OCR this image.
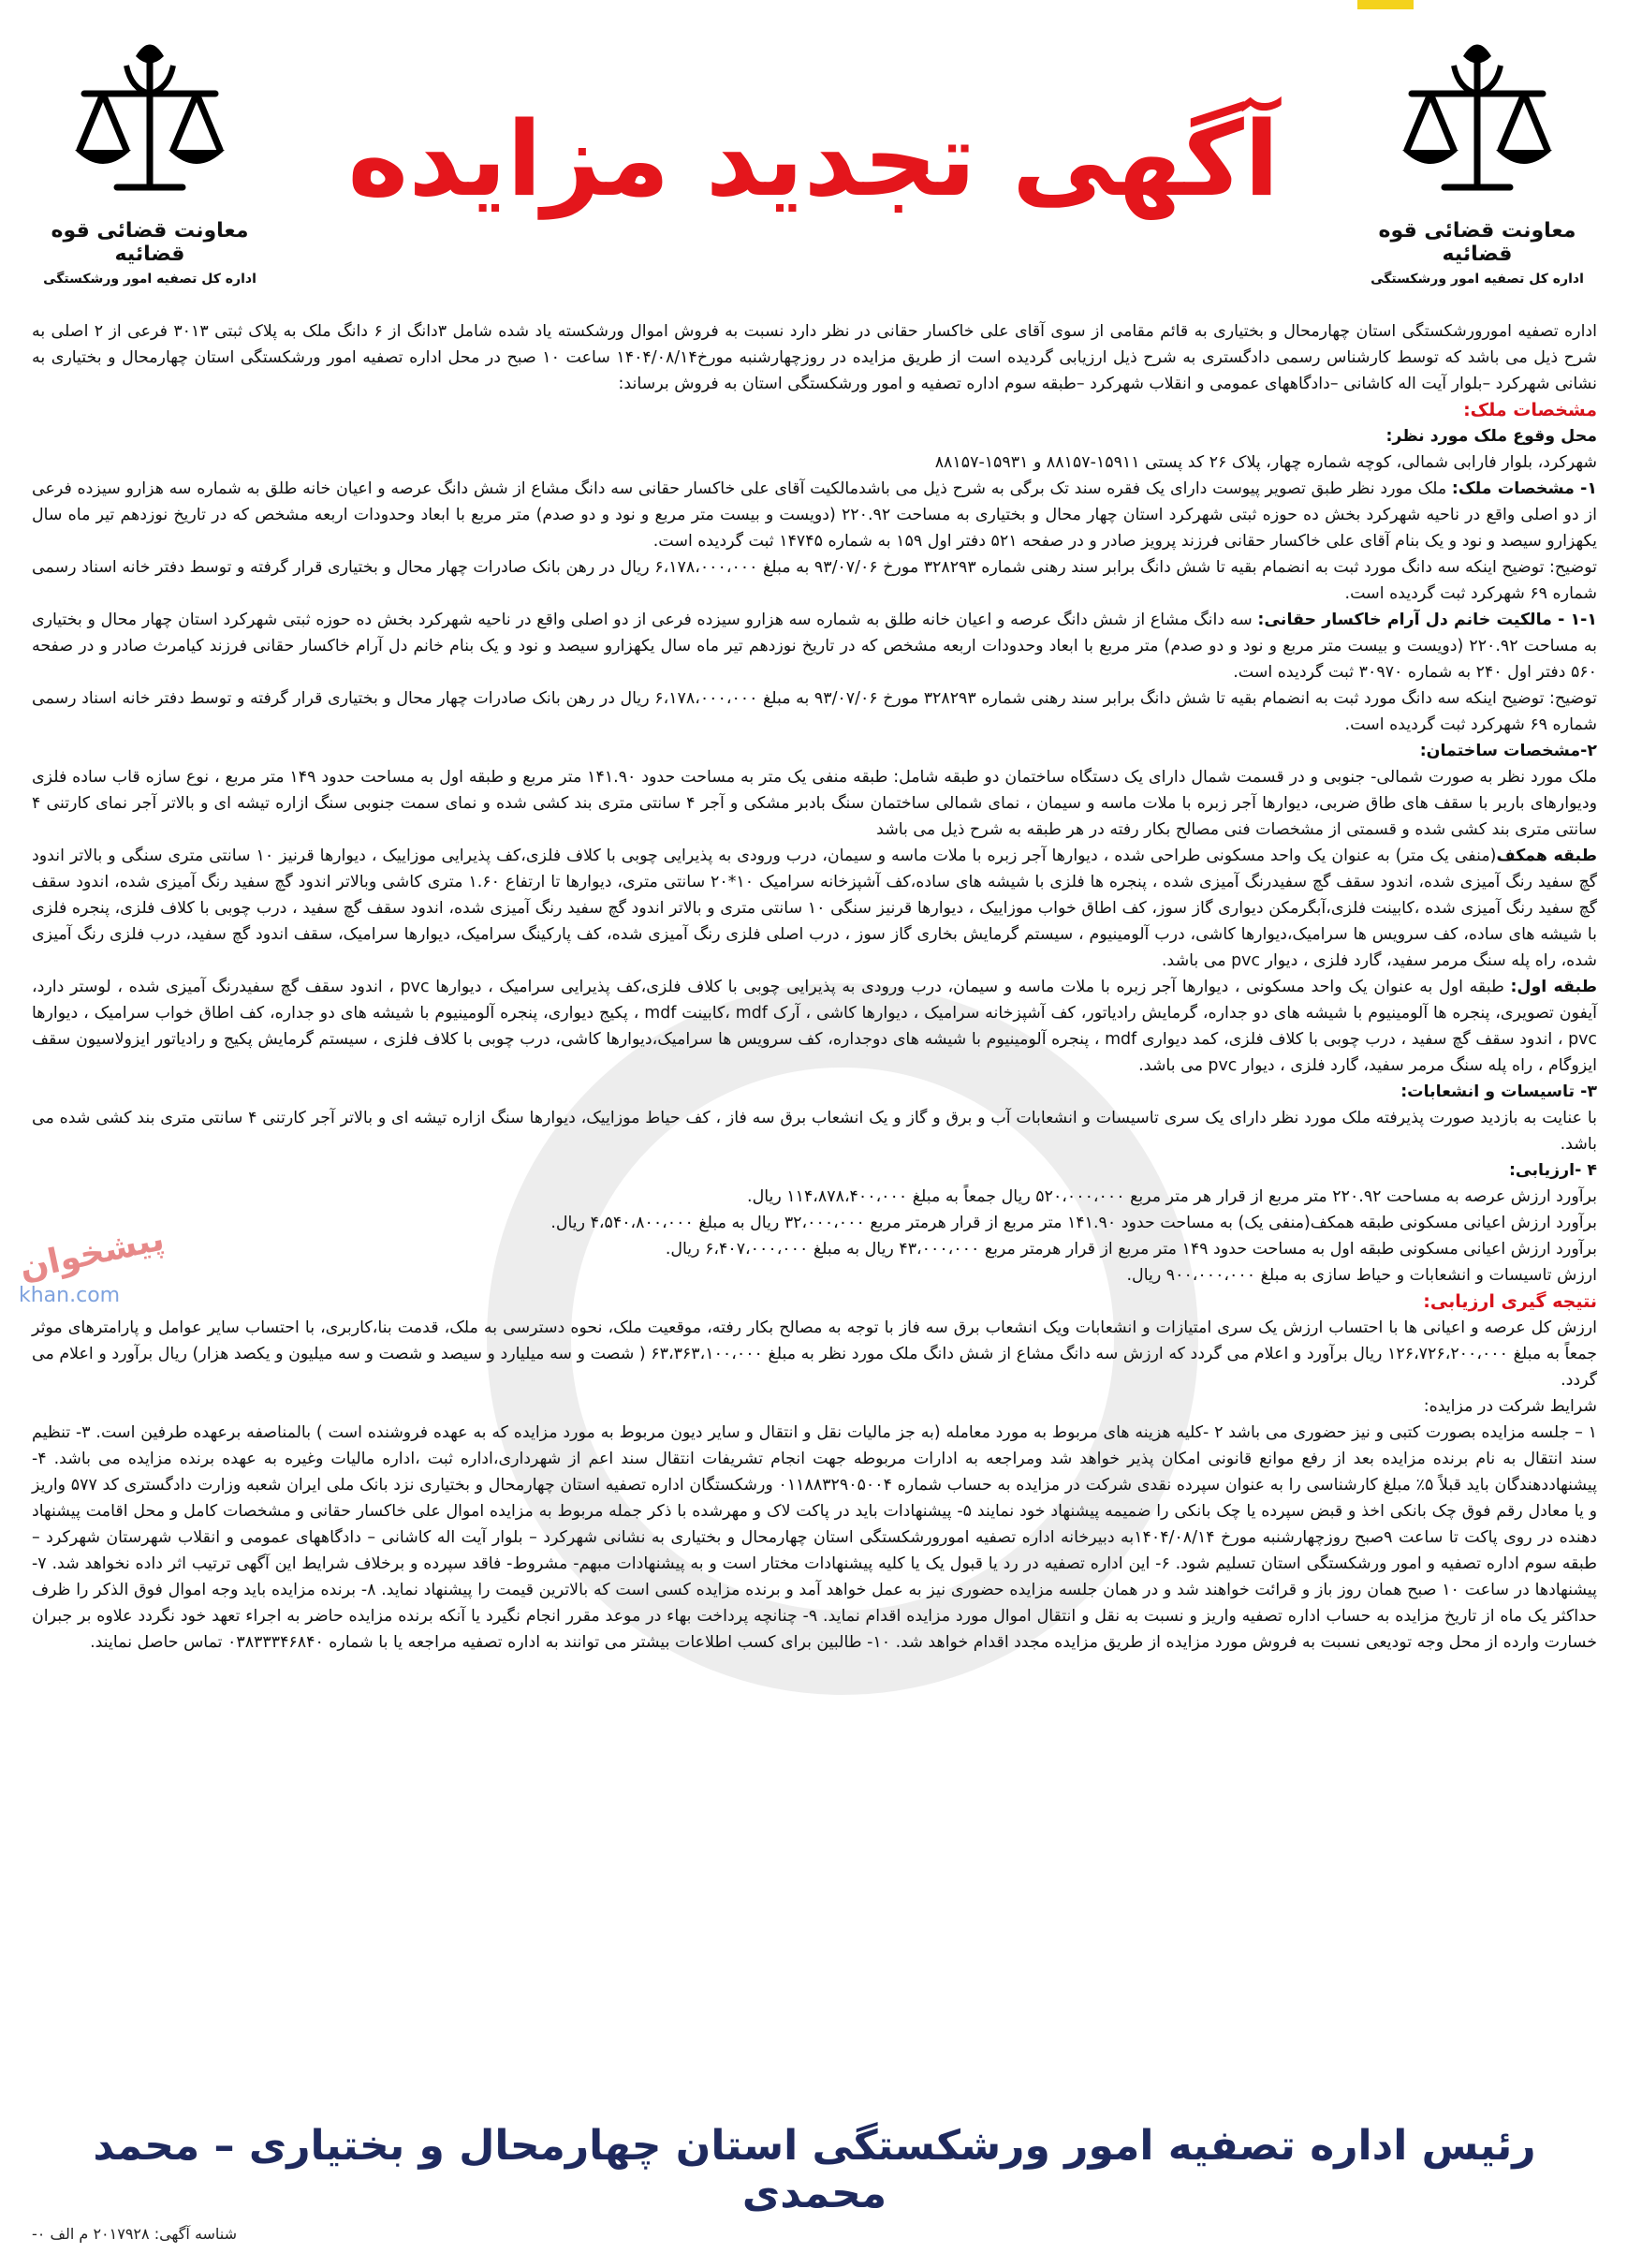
معاونت قضائی قوه قضائیه
اداره کل تصفیه امور ورشکستگی
آگهی تجدید مزایده
معاونت قضائی قوه قضائیه
اداره کل تصفیه امور ورشکستگی
پیشخوان
khan.com

اداره تصفیه امورورشکستگی استان چهارمحال و بختیاری به قائم مقامی از سوی آقای علی خاکسار حقانی در نظر دارد نسبت به فروش اموال ورشکسته یاد شده شامل ۳دانگ از ۶ دانگ ملک به پلاک ثبتی ۳۰۱۳ فرعی از ۲ اصلی به شرح ذیل می باشد که توسط کارشناس رسمی دادگستری به شرح ذیل ارزیابی گردیده است از طریق مزایده در روزچهارشنبه مورخ۱۴۰۴/۰۸/۱۴ ساعت ۱۰ صبح در محل اداره تصفیه امور ورشکستگی استان چهارمحال و بختیاری به نشانی شهرکرد –بلوار آیت اله کاشانی –دادگاههای عمومی و انقلاب شهرکرد –طبقه سوم اداره تصفیه و امور ورشکستگی استان به فروش برساند:

مشخصات ملک:

محل وقوع ملک مورد نظر:

شهرکرد، بلوار فارابی شمالی، کوچه شماره چهار، پلاک ۲۶ کد پستی ۱۵۹۱۱-۸۸۱۵۷ و ۱۵۹۳۱-۸۸۱۵۷

۱- مشخصات ملک: ملک مورد نظر طبق تصویر پیوست دارای یک فقره سند تک برگی به شرح ذیل می باشدمالکیت آقای علی خاکسار حقانی سه دانگ مشاع از شش دانگ عرصه و اعیان خانه طلق به شماره سه هزارو سیزده فرعی از دو اصلی واقع در ناحیه شهرکرد بخش ده حوزه ثبتی شهرکرد استان چهار محال و بختیاری به مساحت ۲۲۰.۹۲ (دویست و بیست متر مربع و نود و دو صدم) متر مربع با ابعاد وحدودات اربعه مشخص که در تاریخ نوزدهم تیر ماه سال یکهزارو سیصد و نود و یک بنام آقای علی خاکسار حقانی فرزند پرویز صادر و در صفحه ۵۲۱ دفتر اول ۱۵۹ به شماره ۱۴۷۴۵ ثبت گردیده است.

توضیح: توضیح اینکه سه دانگ مورد ثبت به انضمام بقیه تا شش دانگ برابر سند رهنی شماره ۳۲۸۲۹۳ مورخ ۹۳/۰۷/۰۶ به مبلغ ۶،۱۷۸،۰۰۰،۰۰۰ ریال در رهن بانک صادرات چهار محال و بختیاری قرار گرفته و توسط دفتر خانه اسناد رسمی شماره ۶۹ شهرکرد ثبت گردیده است.

۱-۱ - مالکیت خانم دل آرام خاکسار حقانی: سه دانگ مشاع از شش دانگ عرصه و اعیان خانه طلق به شماره سه هزارو سیزده فرعی از دو اصلی واقع در ناحیه شهرکرد بخش ده حوزه ثبتی شهرکرد استان چهار محال و بختیاری به مساحت ۲۲۰.۹۲ (دویست و بیست متر مربع و نود و دو صدم) متر مربع با ابعاد وحدودات اربعه مشخص که در تاریخ نوزدهم تیر ماه سال یکهزارو سیصد و نود و یک بنام خانم دل آرام خاکسار حقانی فرزند کیامرث صادر و در صفحه ۵۶۰ دفتر اول ۲۴۰ به شماره ۳۰۹۷۰ ثبت گردیده است.

توضیح: توضیح اینکه سه دانگ مورد ثبت به انضمام بقیه تا شش دانگ برابر سند رهنی شماره ۳۲۸۲۹۳ مورخ ۹۳/۰۷/۰۶ به مبلغ ۶،۱۷۸،۰۰۰،۰۰۰ ریال در رهن بانک صادرات چهار محال و بختیاری قرار گرفته و توسط دفتر خانه اسناد رسمی شماره ۶۹ شهرکرد ثبت گردیده است.

۲-مشخصات ساختمان:

ملک مورد نظر به صورت شمالی- جنوبی و در قسمت شمال دارای یک دستگاه ساختمان دو طبقه شامل: طبقه منفی یک متر به مساحت حدود ۱۴۱.۹۰ متر مربع و طبقه اول به مساحت حدود ۱۴۹ متر مربع ، نوع سازه قاب ساده فلزی ودیوارهای باربر با سقف های طاق ضربی، دیوارها آجر زبره با ملات ماسه و سیمان ، نمای شمالی ساختمان سنگ بادبر مشکی و آجر ۴ سانتی متری بند کشی شده و نمای سمت جنوبی سنگ ازاره تیشه ای و بالاتر آجر نمای کارتنی ۴ سانتی متری بند کشی شده و قسمتی از مشخصات فنی مصالح بکار رفته در هر طبقه به شرح ذیل می باشد

طبقه همکف(منفی یک متر) به عنوان یک واحد مسکونی طراحی شده ، دیوارها آجر زبره با ملات ماسه و سیمان، درب ورودی به پذیرایی چوبی با کلاف فلزی،کف پذیرایی موزاییک ، دیوارها قرنیز ۱۰ سانتی متری سنگی و بالاتر اندود گچ سفید رنگ آمیزی شده، اندود سقف گچ سفیدرنگ آمیزی شده ، پنجره ها فلزی با شیشه های ساده،کف آشپزخانه سرامیک ۱۰*۲۰ سانتی متری، دیوارها تا ارتفاع ۱.۶۰ متری کاشی وبالاتر اندود گچ سفید رنگ آمیزی شده، اندود سقف گچ سفید رنگ آمیزی شده ،کابینت فلزی،آبگرمکن دیواری گاز سوز، کف اطاق خواب موزاییک ، دیوارها قرنیز سنگی ۱۰ سانتی متری و بالاتر اندود گچ سفید رنگ آمیزی شده، اندود سقف گچ سفید ، درب چوبی با کلاف فلزی، پنجره فلزی با شیشه های ساده، کف سرویس ها سرامیک،دیوارها کاشی، درب آلومینیوم ، سیستم گرمایش بخاری گاز سوز ، درب اصلی فلزی رنگ آمیزی شده، کف پارکینگ سرامیک، دیوارها سرامیک، سقف اندود گچ سفید، درب فلزی رنگ آمیزی شده، راه پله سنگ مرمر سفید، گارد فلزی ، دیوار pvc می باشد.

طبقه اول: طبقه اول به عنوان یک واحد مسکونی ، دیوارها آجر زبره با ملات ماسه و سیمان، درب ورودی به پذیرایی چوبی با کلاف فلزی،کف پذیرایی سرامیک ، دیوارها pvc ، اندود سقف گچ سفیدرنگ آمیزی شده ، لوستر دارد، آیفون تصویری، پنجره ها آلومینیوم با شیشه های دو جداره، گرمایش رادیاتور، کف آشپزخانه سرامیک ، دیوارها کاشی ، آرک mdf ،کابینت mdf ، پکیج دیواری، پنجره آلومینیوم با شیشه های دو جداره، کف اطاق خواب سرامیک ، دیوارها pvc ، اندود سقف گچ سفید ، درب چوبی با کلاف فلزی، کمد دیواری mdf ، پنجره آلومینیوم با شیشه های دوجداره، کف سرویس ها سرامیک،دیوارها کاشی، درب چوبی با کلاف فلزی ، سیستم گرمایش پکیج و رادیاتور ایزولاسیون سقف ایزوگام ، راه پله سنگ مرمر سفید، گارد فلزی ، دیوار pvc می باشد.

۳- تاسیسات و انشعابات:

با عنایت به بازدید صورت پذیرفته ملک مورد نظر دارای یک سری تاسیسات و انشعابات آب و برق و گاز و یک انشعاب برق سه فاز ، کف حیاط موزاییک، دیوارها سنگ ازاره تیشه ای و بالاتر آجر کارتنی ۴ سانتی متری بند کشی شده می باشد.

۴ -ارزیابی:

برآورد ارزش عرصه به مساحت ۲۲۰.۹۲ متر مربع از قرار هر متر مربع ۵۲۰،۰۰۰،۰۰۰ ریال جمعاً به مبلغ ۱۱۴،۸۷۸،۴۰۰،۰۰۰ ریال.

برآورد ارزش اعیانی مسکونی طبقه همکف(منفی یک) به مساحت حدود ۱۴۱.۹۰ متر مربع از قرار هرمتر مربع ۳۲،۰۰۰،۰۰۰ ریال به مبلغ ۴،۵۴۰،۸۰۰،۰۰۰ ریال.

برآورد ارزش اعیانی مسکونی طبقه اول به مساحت حدود ۱۴۹ متر مربع از قرار هرمتر مربع ۴۳،۰۰۰،۰۰۰ ریال به مبلغ ۶،۴۰۷،۰۰۰،۰۰۰ ریال.

ارزش تاسیسات و انشعابات و حیاط سازی به مبلغ ۹۰۰،۰۰۰،۰۰۰ ریال.

نتیجه گیری ارزیابی:

ارزش کل عرصه و اعیانی ها با احتساب ارزش یک سری امتیازات و انشعابات ویک انشعاب برق سه فاز با توجه به مصالح بکار رفته، موقعیت ملک، نحوه دسترسی به ملک، قدمت بنا،کاربری، با احتساب سایر عوامل و پارامترهای موثر جمعاً به مبلغ ۱۲۶،۷۲۶،۲۰۰،۰۰۰ ریال برآورد و اعلام می گردد که ارزش سه دانگ مشاع از شش دانگ ملک مورد نظر به مبلغ ۶۳،۳۶۳،۱۰۰،۰۰۰ ( شصت و سه میلیارد و سیصد و شصت و سه میلیون و یکصد هزار) ریال برآورد و اعلام می گردد.

شرایط شرکت در مزایده:

۱ – جلسه مزایده بصورت کتبی و نیز حضوری می باشد ۲ -کلیه هزینه های مربوط به مورد معامله (به جز مالیات نقل و انتقال و سایر دیون مربوط به مورد مزایده که به عهده فروشنده است ) بالمناصفه برعهده طرفین است. ۳- تنظیم سند انتقال به نام برنده مزایده بعد از رفع موانع قانونی امکان پذیر خواهد شد ومراجعه به ادارات مربوطه جهت انجام تشریفات انتقال سند اعم از شهرداری،اداره ثبت ،اداره مالیات وغیره به عهده برنده مزایده می باشد. ۴- پیشنهاددهندگان باید قبلاً ۵٪ مبلغ کارشناسی را به عنوان سپرده نقدی شرکت در مزایده به حساب شماره ۰۱۱۸۸۳۲۹۰۵۰۰۴ ورشکستگان اداره تصفیه استان چهارمحال و بختیاری نزد بانک ملی ایران شعبه وزارت دادگستری کد ۵۷۷ واریز و یا معادل رقم فوق چک بانکی اخذ و قبض سپرده یا چک بانکی را ضمیمه پیشنهاد خود نمایند ۵- پیشنهادات باید در پاکت لاک و مهرشده با ذکر جمله مربوط به مزایده اموال علی خاکسار حقانی و مشخصات کامل و محل اقامت پیشنهاد دهنده در روی پاکت تا ساعت ۹صبح روزچهارشنبه مورخ ۱۴۰۴/۰۸/۱۴به دبیرخانه اداره تصفیه امورورشکستگی استان چهارمحال و بختیاری به نشانی شهرکرد – بلوار آیت اله کاشانی – دادگاههای عمومی و انقلاب شهرستان شهرکرد – طبقه سوم اداره تصفیه و امور ورشکستگی استان تسلیم شود. ۶- این اداره تصفیه در رد یا قبول یک یا کلیه پیشنهادات مختار است و به پیشنهادات مبهم- مشروط- فاقد سپرده و برخلاف شرایط این آگهی ترتیب اثر داده نخواهد شد. ۷- پیشنهادها در ساعت ۱۰ صبح همان روز باز و قرائت خواهند شد و در همان جلسه مزایده حضوری نیز به عمل خواهد آمد و برنده مزایده کسی است که بالاترین قیمت را پیشنهاد نماید. ۸- برنده مزایده باید وجه اموال فوق الذکر را ظرف حداکثر یک ماه از تاریخ مزایده به حساب اداره تصفیه واریز و نسبت به نقل و انتقال اموال مورد مزایده اقدام نماید. ۹- چنانچه پرداخت بهاء در موعد مقرر انجام نگیرد یا آنکه برنده مزایده حاضر به اجراء تعهد خود نگردد علاوه بر جبران خسارت وارده از محل وجه تودیعی نسبت به فروش مورد مزایده از طریق مزایده مجدد اقدام خواهد شد. ۱۰- طالبین برای کسب اطلاعات بیشتر می توانند به اداره تصفیه مراجعه یا با شماره ۰۳۸۳۳۳۴۶۸۴۰ تماس حاصل نمایند.

رئیس اداره تصفیه امور ورشکستگی استان چهارمحال و بختیاری – محمد محمدی
شناسه آگهی: ۲۰۱۷۹۲۸ م الف ۰-
